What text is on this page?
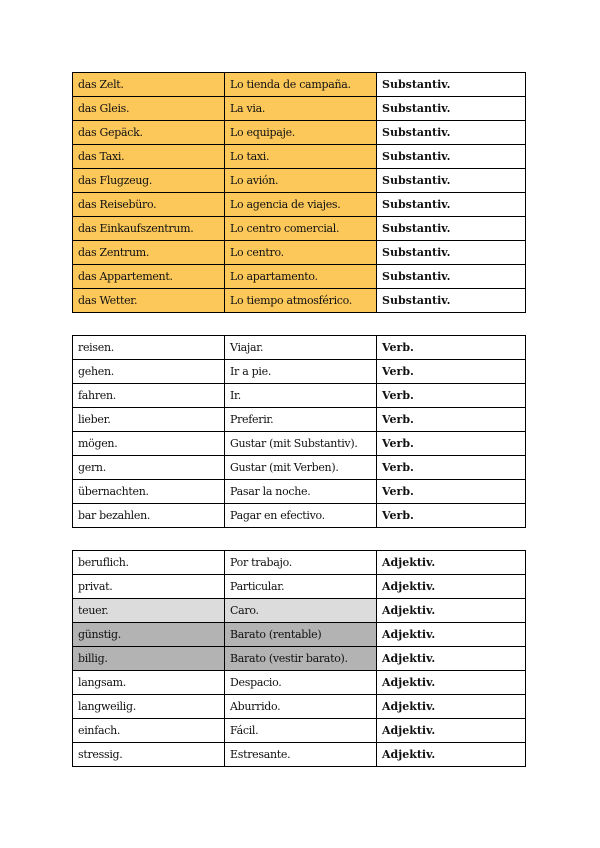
das Zelt.	Lo tienda de campaña.	Substantiv.
das Gleis.	La via.	Substantiv.
das Gepäck.	Lo equipaje.	Substantiv.
das Taxi.	Lo taxi.	Substantiv.
das Flugzeug.	Lo avión.	Substantiv.
das Reisebüro.	Lo agencia de viajes.	Substantiv.
das Einkaufszentrum.	Lo centro comercial.	Substantiv.
das Zentrum.	Lo centro.	Substantiv.
das Appartement.	Lo apartamento.	Substantiv.
das Wetter.	Lo tiempo atmosférico.	Substantiv.
reisen.	Viajar.	Verb.
gehen.	Ir a pie.	Verb.
fahren.	Ir.	Verb.
lieber.	Preferir.	Verb.
mögen.	Gustar (mit Substantiv).	Verb.
gern.	Gustar (mit Verben).	Verb.
übernachten.	Pasar la noche.	Verb.
bar bezahlen.	Pagar en efectivo.	Verb.
beruflich.	Por trabajo.	Adjektiv.
privat.	Particular.	Adjektiv.
teuer.	Caro.	Adjektiv.
günstig.	Barato (rentable)	Adjektiv.
billig.	Barato (vestir barato).	Adjektiv.
langsam.	Despacio.	Adjektiv.
langweilig.	Aburrido.	Adjektiv.
einfach.	Fácil.	Adjektiv.
stressig.	Estresante.	Adjektiv.
